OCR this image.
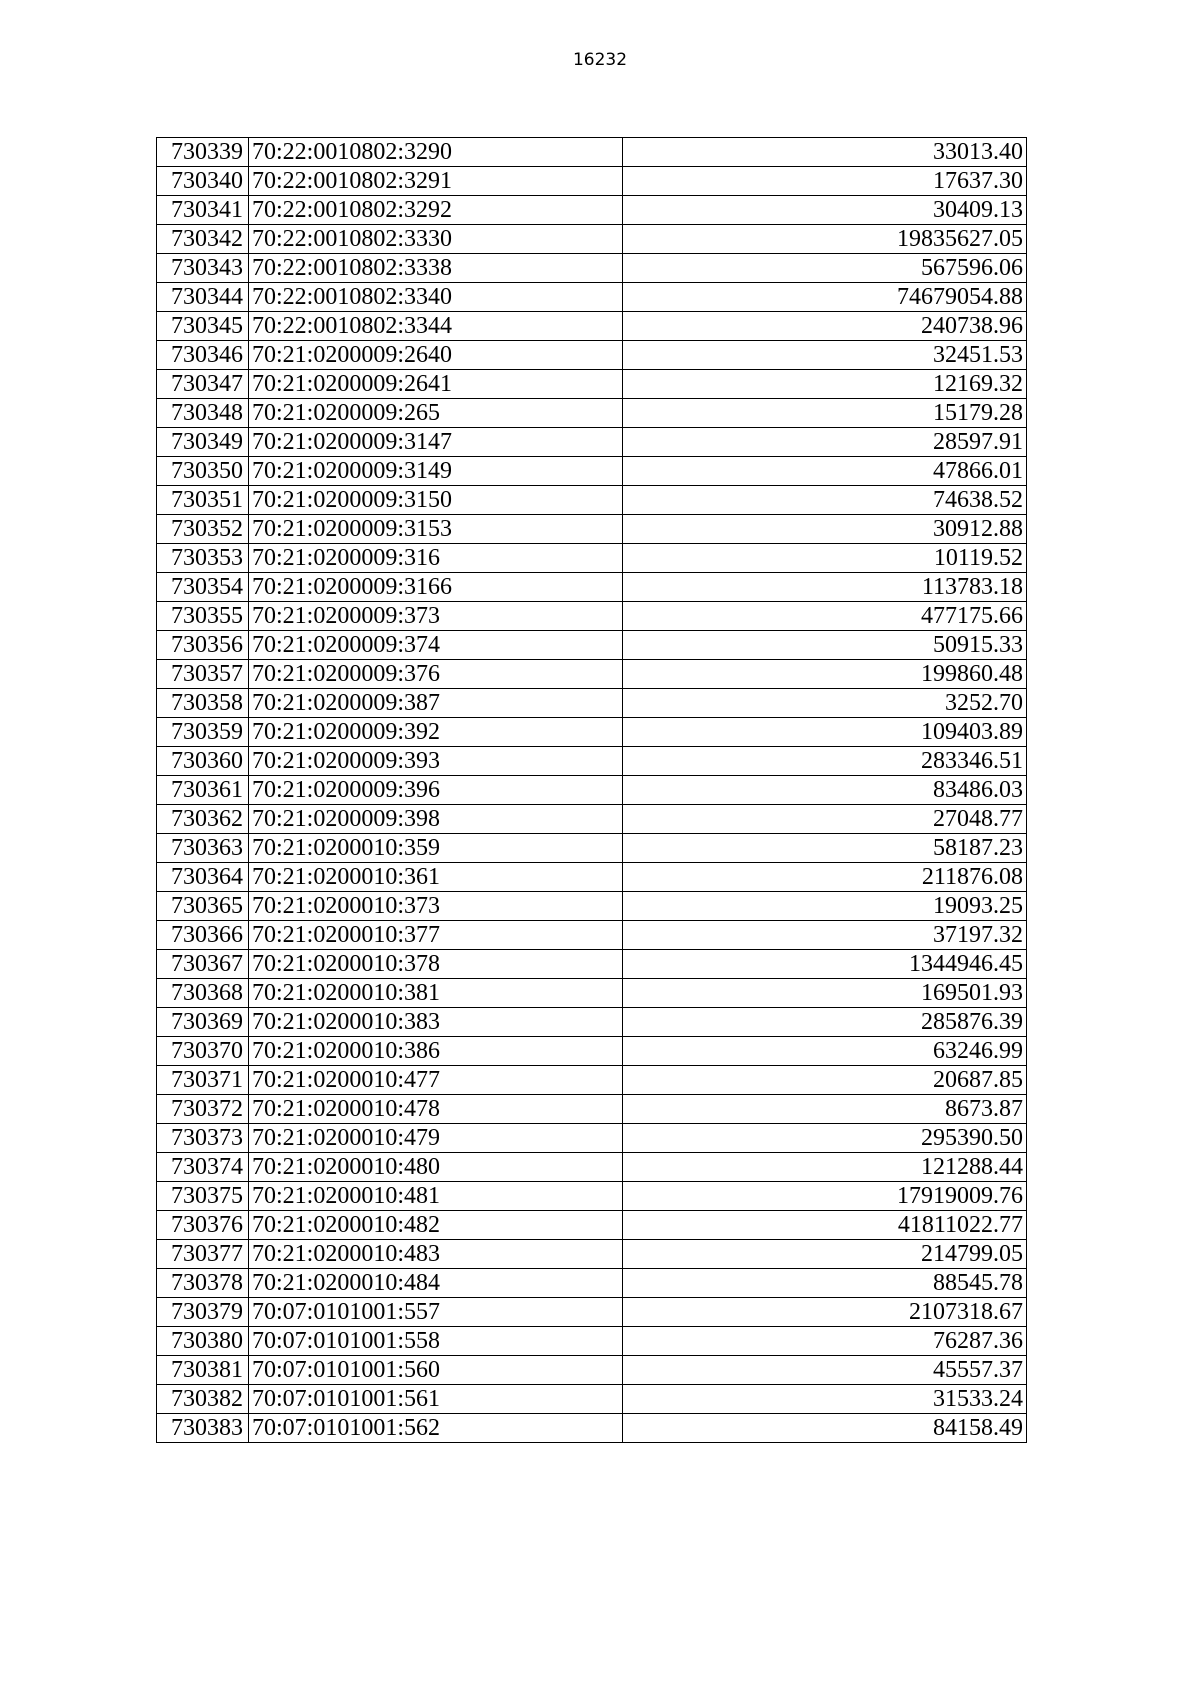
16232
730339	70:22:0010802:3290	33013.40
730340	70:22:0010802:3291	17637.30
730341	70:22:0010802:3292	30409.13
730342	70:22:0010802:3330	19835627.05
730343	70:22:0010802:3338	567596.06
730344	70:22:0010802:3340	74679054.88
730345	70:22:0010802:3344	240738.96
730346	70:21:0200009:2640	32451.53
730347	70:21:0200009:2641	12169.32
730348	70:21:0200009:265	15179.28
730349	70:21:0200009:3147	28597.91
730350	70:21:0200009:3149	47866.01
730351	70:21:0200009:3150	74638.52
730352	70:21:0200009:3153	30912.88
730353	70:21:0200009:316	10119.52
730354	70:21:0200009:3166	113783.18
730355	70:21:0200009:373	477175.66
730356	70:21:0200009:374	50915.33
730357	70:21:0200009:376	199860.48
730358	70:21:0200009:387	3252.70
730359	70:21:0200009:392	109403.89
730360	70:21:0200009:393	283346.51
730361	70:21:0200009:396	83486.03
730362	70:21:0200009:398	27048.77
730363	70:21:0200010:359	58187.23
730364	70:21:0200010:361	211876.08
730365	70:21:0200010:373	19093.25
730366	70:21:0200010:377	37197.32
730367	70:21:0200010:378	1344946.45
730368	70:21:0200010:381	169501.93
730369	70:21:0200010:383	285876.39
730370	70:21:0200010:386	63246.99
730371	70:21:0200010:477	20687.85
730372	70:21:0200010:478	8673.87
730373	70:21:0200010:479	295390.50
730374	70:21:0200010:480	121288.44
730375	70:21:0200010:481	17919009.76
730376	70:21:0200010:482	41811022.77
730377	70:21:0200010:483	214799.05
730378	70:21:0200010:484	88545.78
730379	70:07:0101001:557	2107318.67
730380	70:07:0101001:558	76287.36
730381	70:07:0101001:560	45557.37
730382	70:07:0101001:561	31533.24
730383	70:07:0101001:562	84158.49
